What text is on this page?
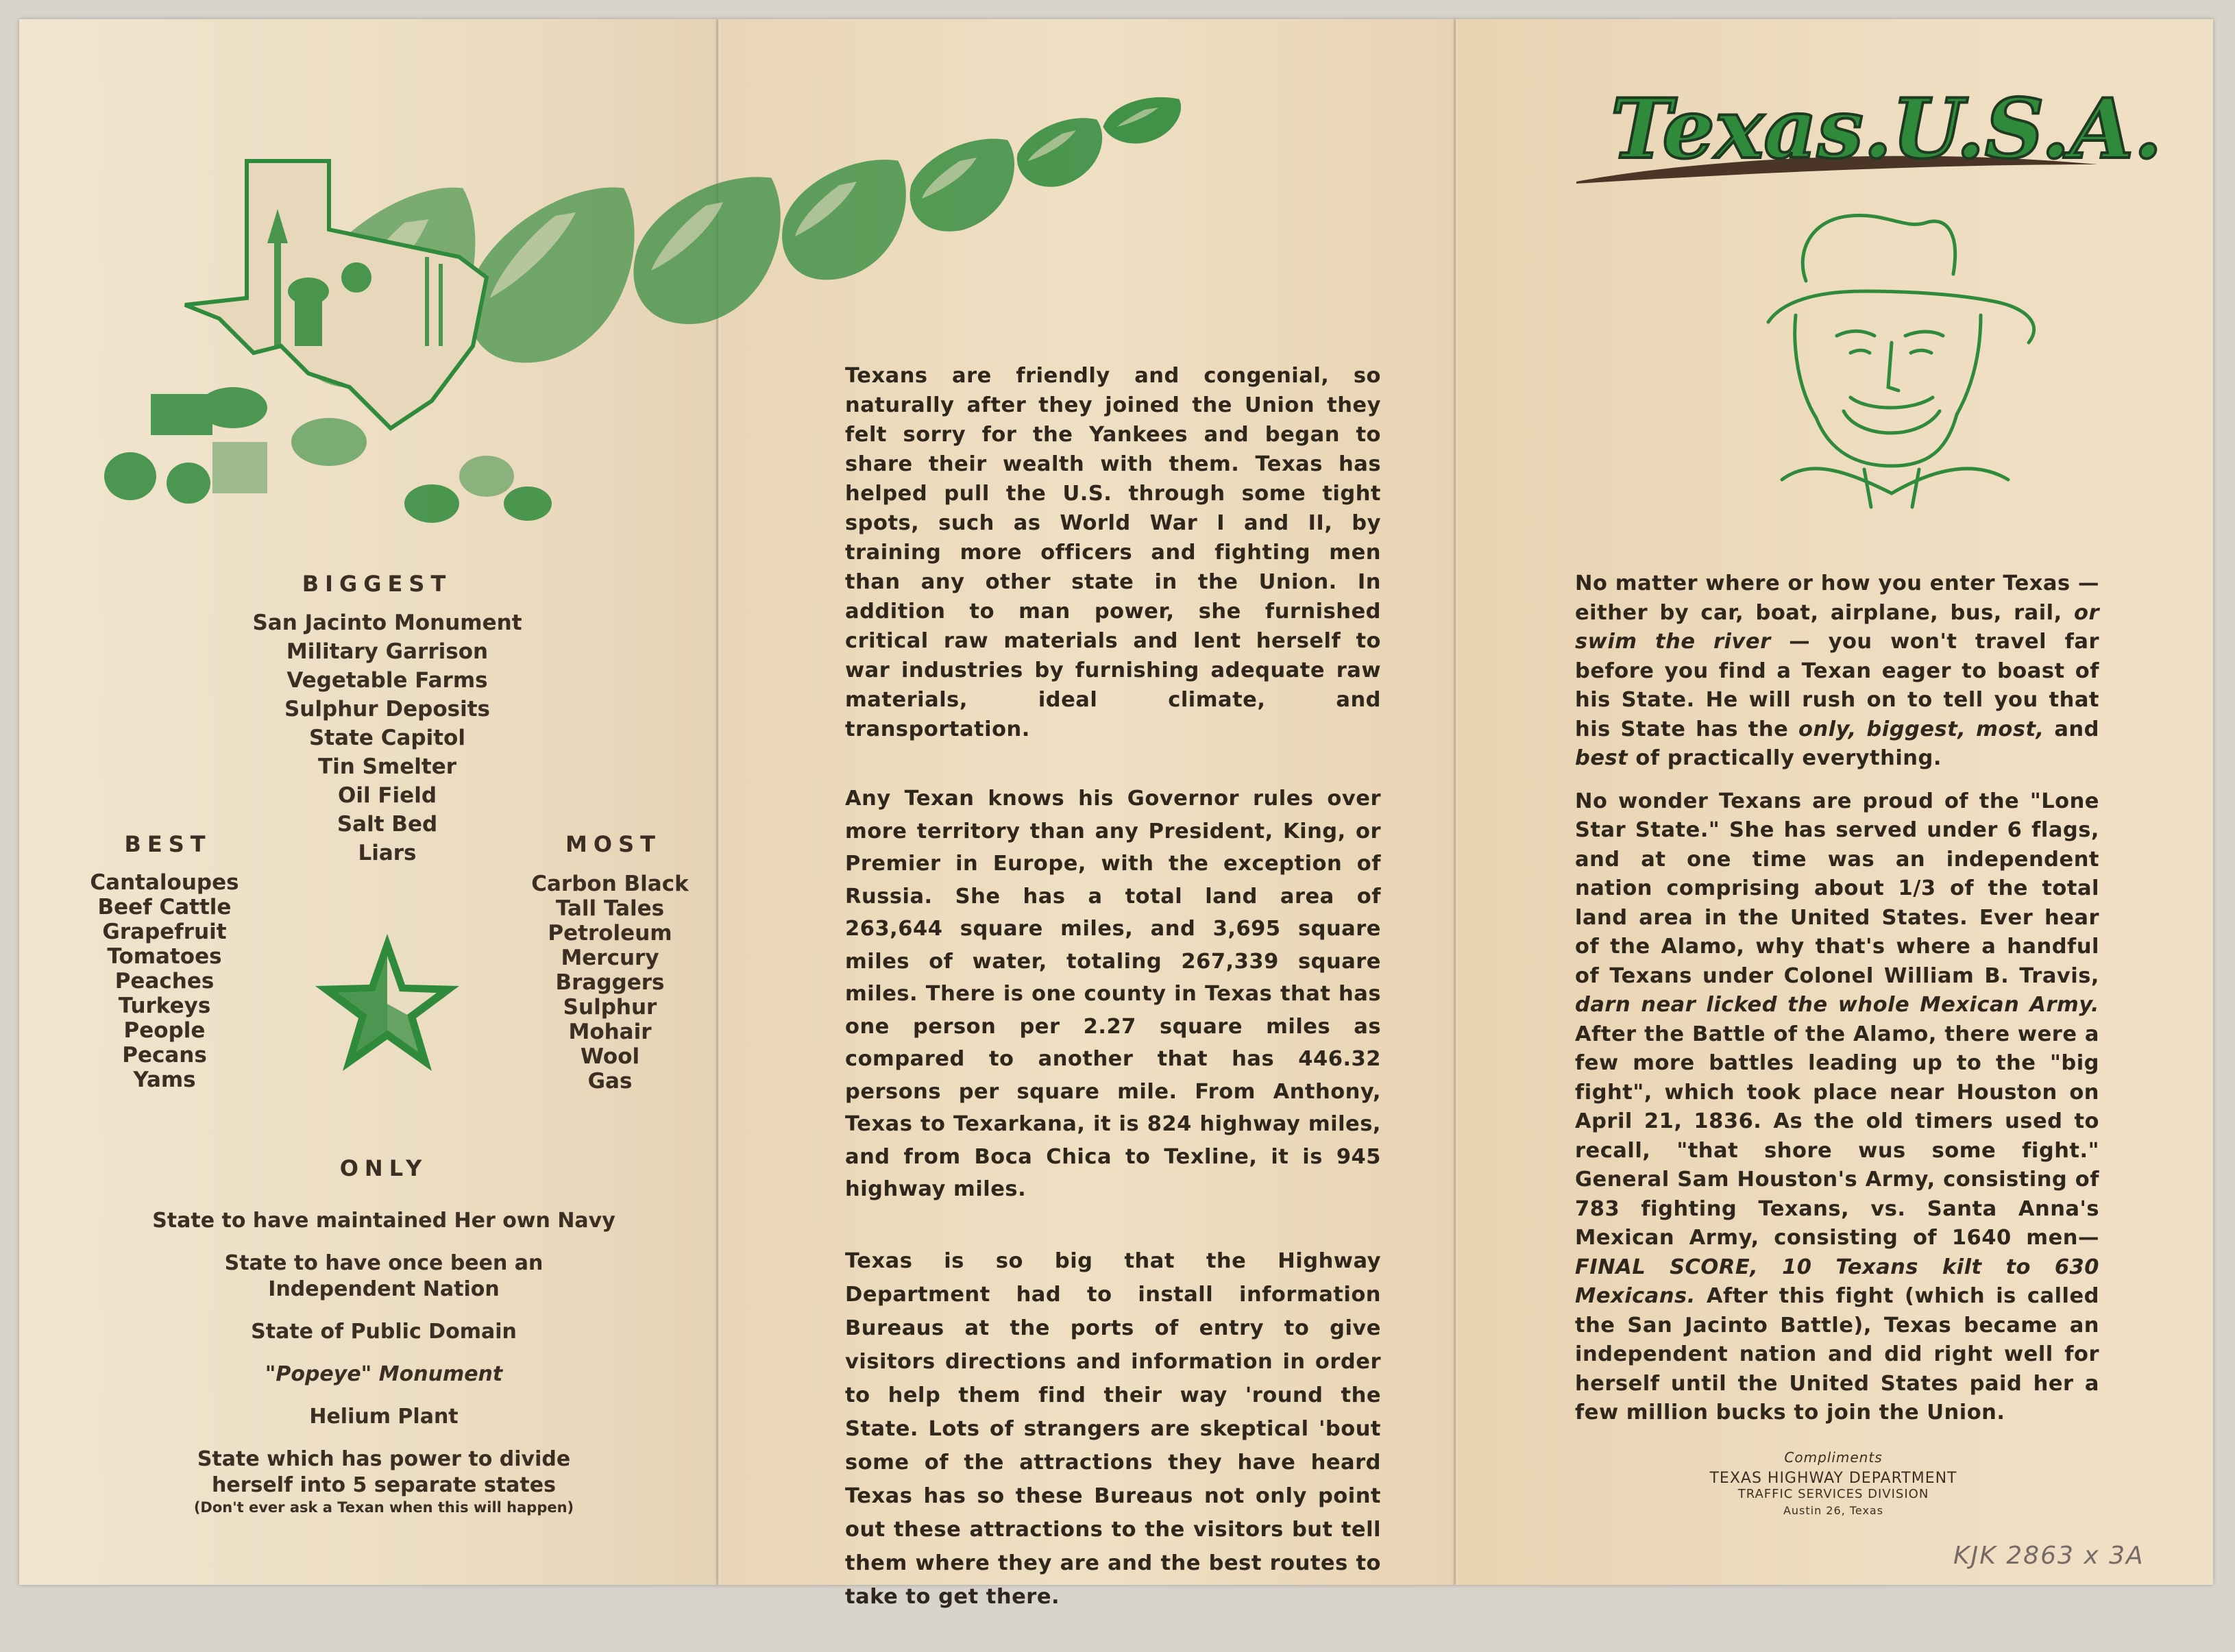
BIGGEST
San Jacinto Monument
Military Garrison
Vegetable Farms
Sulphur Deposits
State Capitol
Tin Smelter
Oil Field
Salt Bed
Liars
BEST
Cantaloupes
Beef Cattle
Grapefruit
Tomatoes
Peaches
Turkeys
People
Pecans
Yams
MOST
Carbon Black
Tall Tales
Petroleum
Mercury
Braggers
Sulphur
Mohair
Wool
Gas
ONLY
State to have maintained Her own Navy
State to have once been an
Independent Nation
State of Public Domain
"Popeye" Monument
Helium Plant
State which has power to divide
herself into 5 separate states
(Don't ever ask a Texan when this will happen)

Texans are friendly and congenial, so naturally after they joined the Union they felt sorry for the Yankees and began to share their wealth with them. Texas has helped pull the U.S. through some tight spots, such as World War I and II, by training more officers and fighting men than any other state in the Union. In addition to man power, she furnished critical raw materials and lent herself to war industries by furnishing adequate raw materials, ideal climate, and transportation.

Any Texan knows his Governor rules over more territory than any President, King, or Premier in Europe, with the exception of Russia. She has a total land area of 263,644 square miles, and 3,695 square miles of water, totaling 267,339 square miles. There is one county in Texas that has one person per 2.27 square miles as compared to another that has 446.32 persons per square mile. From Anthony, Texas to Texarkana, it is 824 highway miles, and from Boca Chica to Texline, it is 945 highway miles.

Texas is so big that the Highway Department had to install information Bureaus at the ports of entry to give visitors directions and information in order to help them find their way 'round the State. Lots of strangers are skeptical 'bout some of the attractions they have heard Texas has so these Bureaus not only point out these attractions to the visitors but tell them where they are and the best routes to take to get there.

Texas.U.S.A.

No matter where or how you enter Texas —either by car, boat, airplane, bus, rail, or swim the river — you won't travel far before you find a Texan eager to boast of his State. He will rush on to tell you that his State has the only, biggest, most, and best of practically everything.

No wonder Texans are proud of the "Lone Star State." She has served under 6 flags, and at one time was an independent nation comprising about 1/3 of the total land area in the United States. Ever hear of the Alamo, why that's where a handful of Texans under Colonel William B. Travis, darn near licked the whole Mexican Army. After the Battle of the Alamo, there were a few more battles leading up to the "big fight", which took place near Houston on April 21, 1836. As the old timers used to recall, "that shore wus some fight." General Sam Houston's Army, consisting of 783 fighting Texans, vs. Santa Anna's Mexican Army, consisting of 1640 men—FINAL SCORE, 10 Texans kilt to 630 Mexicans. After this fight (which is called the San Jacinto Battle), Texas became an independent nation and did right well for herself until the United States paid her a few million bucks to join the Union.

Compliments
TEXAS HIGHWAY DEPARTMENT
TRAFFIC SERVICES DIVISION
Austin 26, Texas
KJK 2863 x 3A
